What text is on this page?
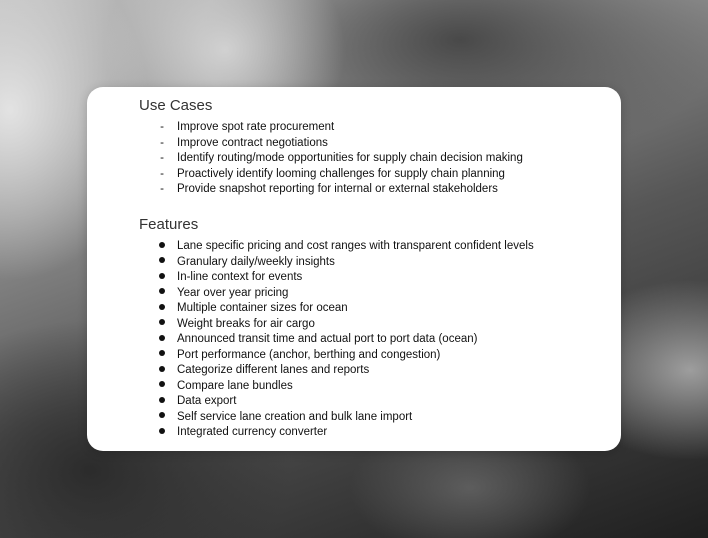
Use Cases
- Improve spot rate procurement
- Improve contract negotiations
- Identify routing/mode opportunities for supply chain decision making
- Proactively identify looming challenges for supply chain planning
- Provide snapshot reporting for internal or external stakeholders
Features
Lane specific pricing and cost ranges with transparent confident levels
Granulary daily/weekly insights
In-line context for events
Year over year pricing
Multiple container sizes for ocean
Weight breaks for air cargo
Announced transit time and actual port to port data (ocean)
Port performance (anchor, berthing and congestion)
Categorize different lanes and reports
Compare lane bundles
Data export
Self service lane creation and bulk lane import
Integrated currency converter
